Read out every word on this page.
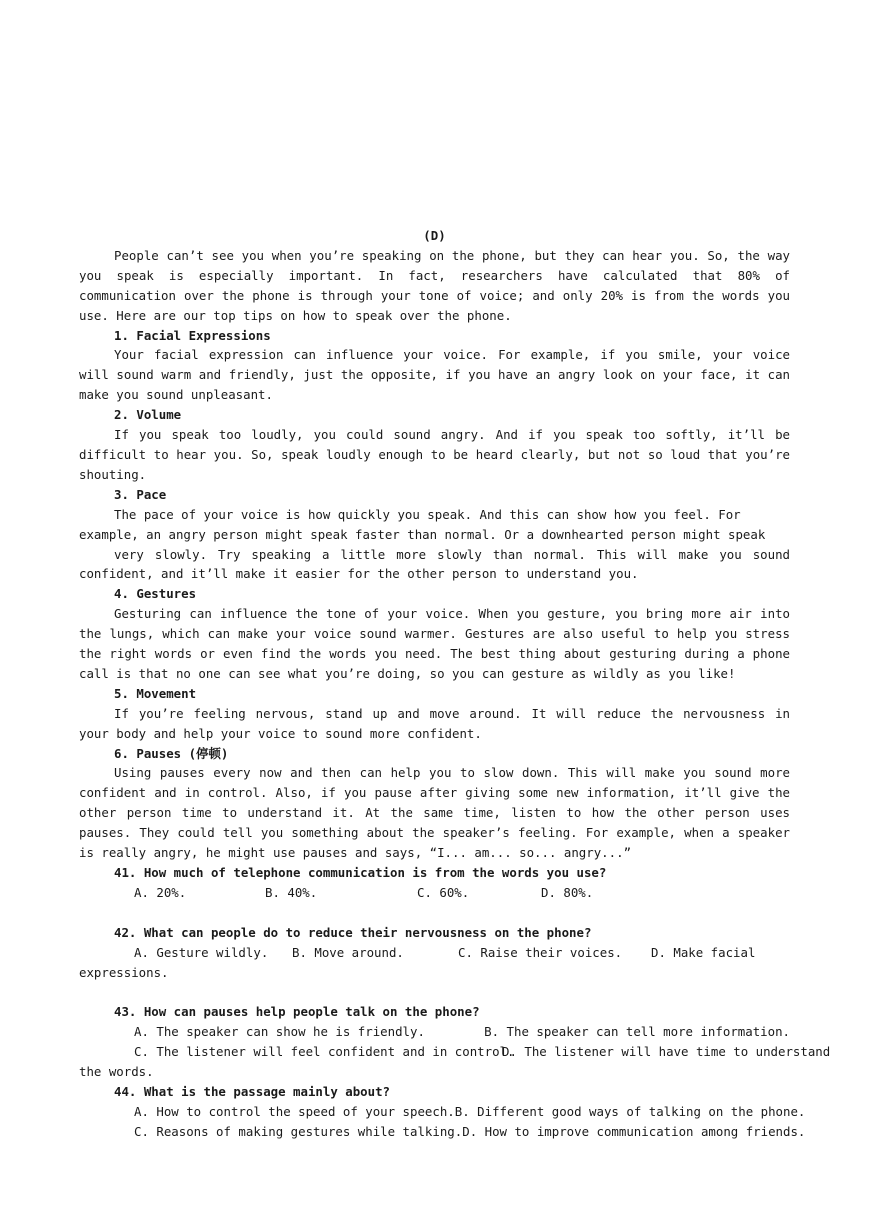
(D)
People can’t see you when you’re speaking on the phone, but they can hear you. So, the way you speak is especially important. In fact, researchers have calculated that 80% of communication over the phone is through your tone of voice; and only 20% is from the words you use. Here are our top tips on how to speak over the phone.
1. Facial Expressions
Your facial expression can influence your voice. For example, if you smile, your voice will sound warm and friendly, just the opposite, if you have an angry look on your face, it can make you sound unpleasant.
2. Volume
If you speak too loudly, you could sound angry. And if you speak too softly, it’ll be difficult to hear you. So, speak loudly enough to be heard clearly, but not so loud that you’re shouting.
3. Pace
The pace of your voice is how quickly you speak. And this can show how you feel. For example, an angry person might speak faster than normal. Or a downhearted person might speak
very slowly. Try speaking a little more slowly than normal. This will make you sound confident, and it’ll make it easier for the other person to understand you.
4. Gestures
Gesturing can influence the tone of your voice. When you gesture, you bring more air into the lungs, which can make your voice sound warmer. Gestures are also useful to help you stress the right words or even find the words you need. The best thing about gesturing during a phone call is that no one can see what you’re doing, so you can gesture as wildly as you like!
5. Movement
If you’re feeling nervous, stand up and move around. It will reduce the nervousness in your body and help your voice to sound more confident.
6. Pauses (停顿)
Using pauses every now and then can help you to slow down. This will make you sound more confident and in control. Also, if you pause after giving some new information, it’ll give the other person time to understand it. At the same time, listen to how the other person uses pauses. They could tell you something about the speaker’s feeling. For example, when a speaker is really angry, he might use pauses and says, “I... am... so... angry...”
41. How much of telephone communication is from the words you use?
A. 20%.	B. 40%.	C. 60%.	D. 80%.
42. What can people do to reduce their nervousness on the phone?
A. Gesture wildly.	B. Move around.	C. Raise their voices.	D. Make facial
expressions.
43. How can pauses help people talk on the phone?
A. The speaker can show he is friendly.	B. The speaker can tell more information.
C. The listener will feel confident and in control.
D. The listener will have time to understand
the words.
44. What is the passage mainly about?
A. How to control the speed of your speech. B. Different good ways of talking on the phone.
C. Reasons of making gestures while talking. D. How to improve communication among friends.
